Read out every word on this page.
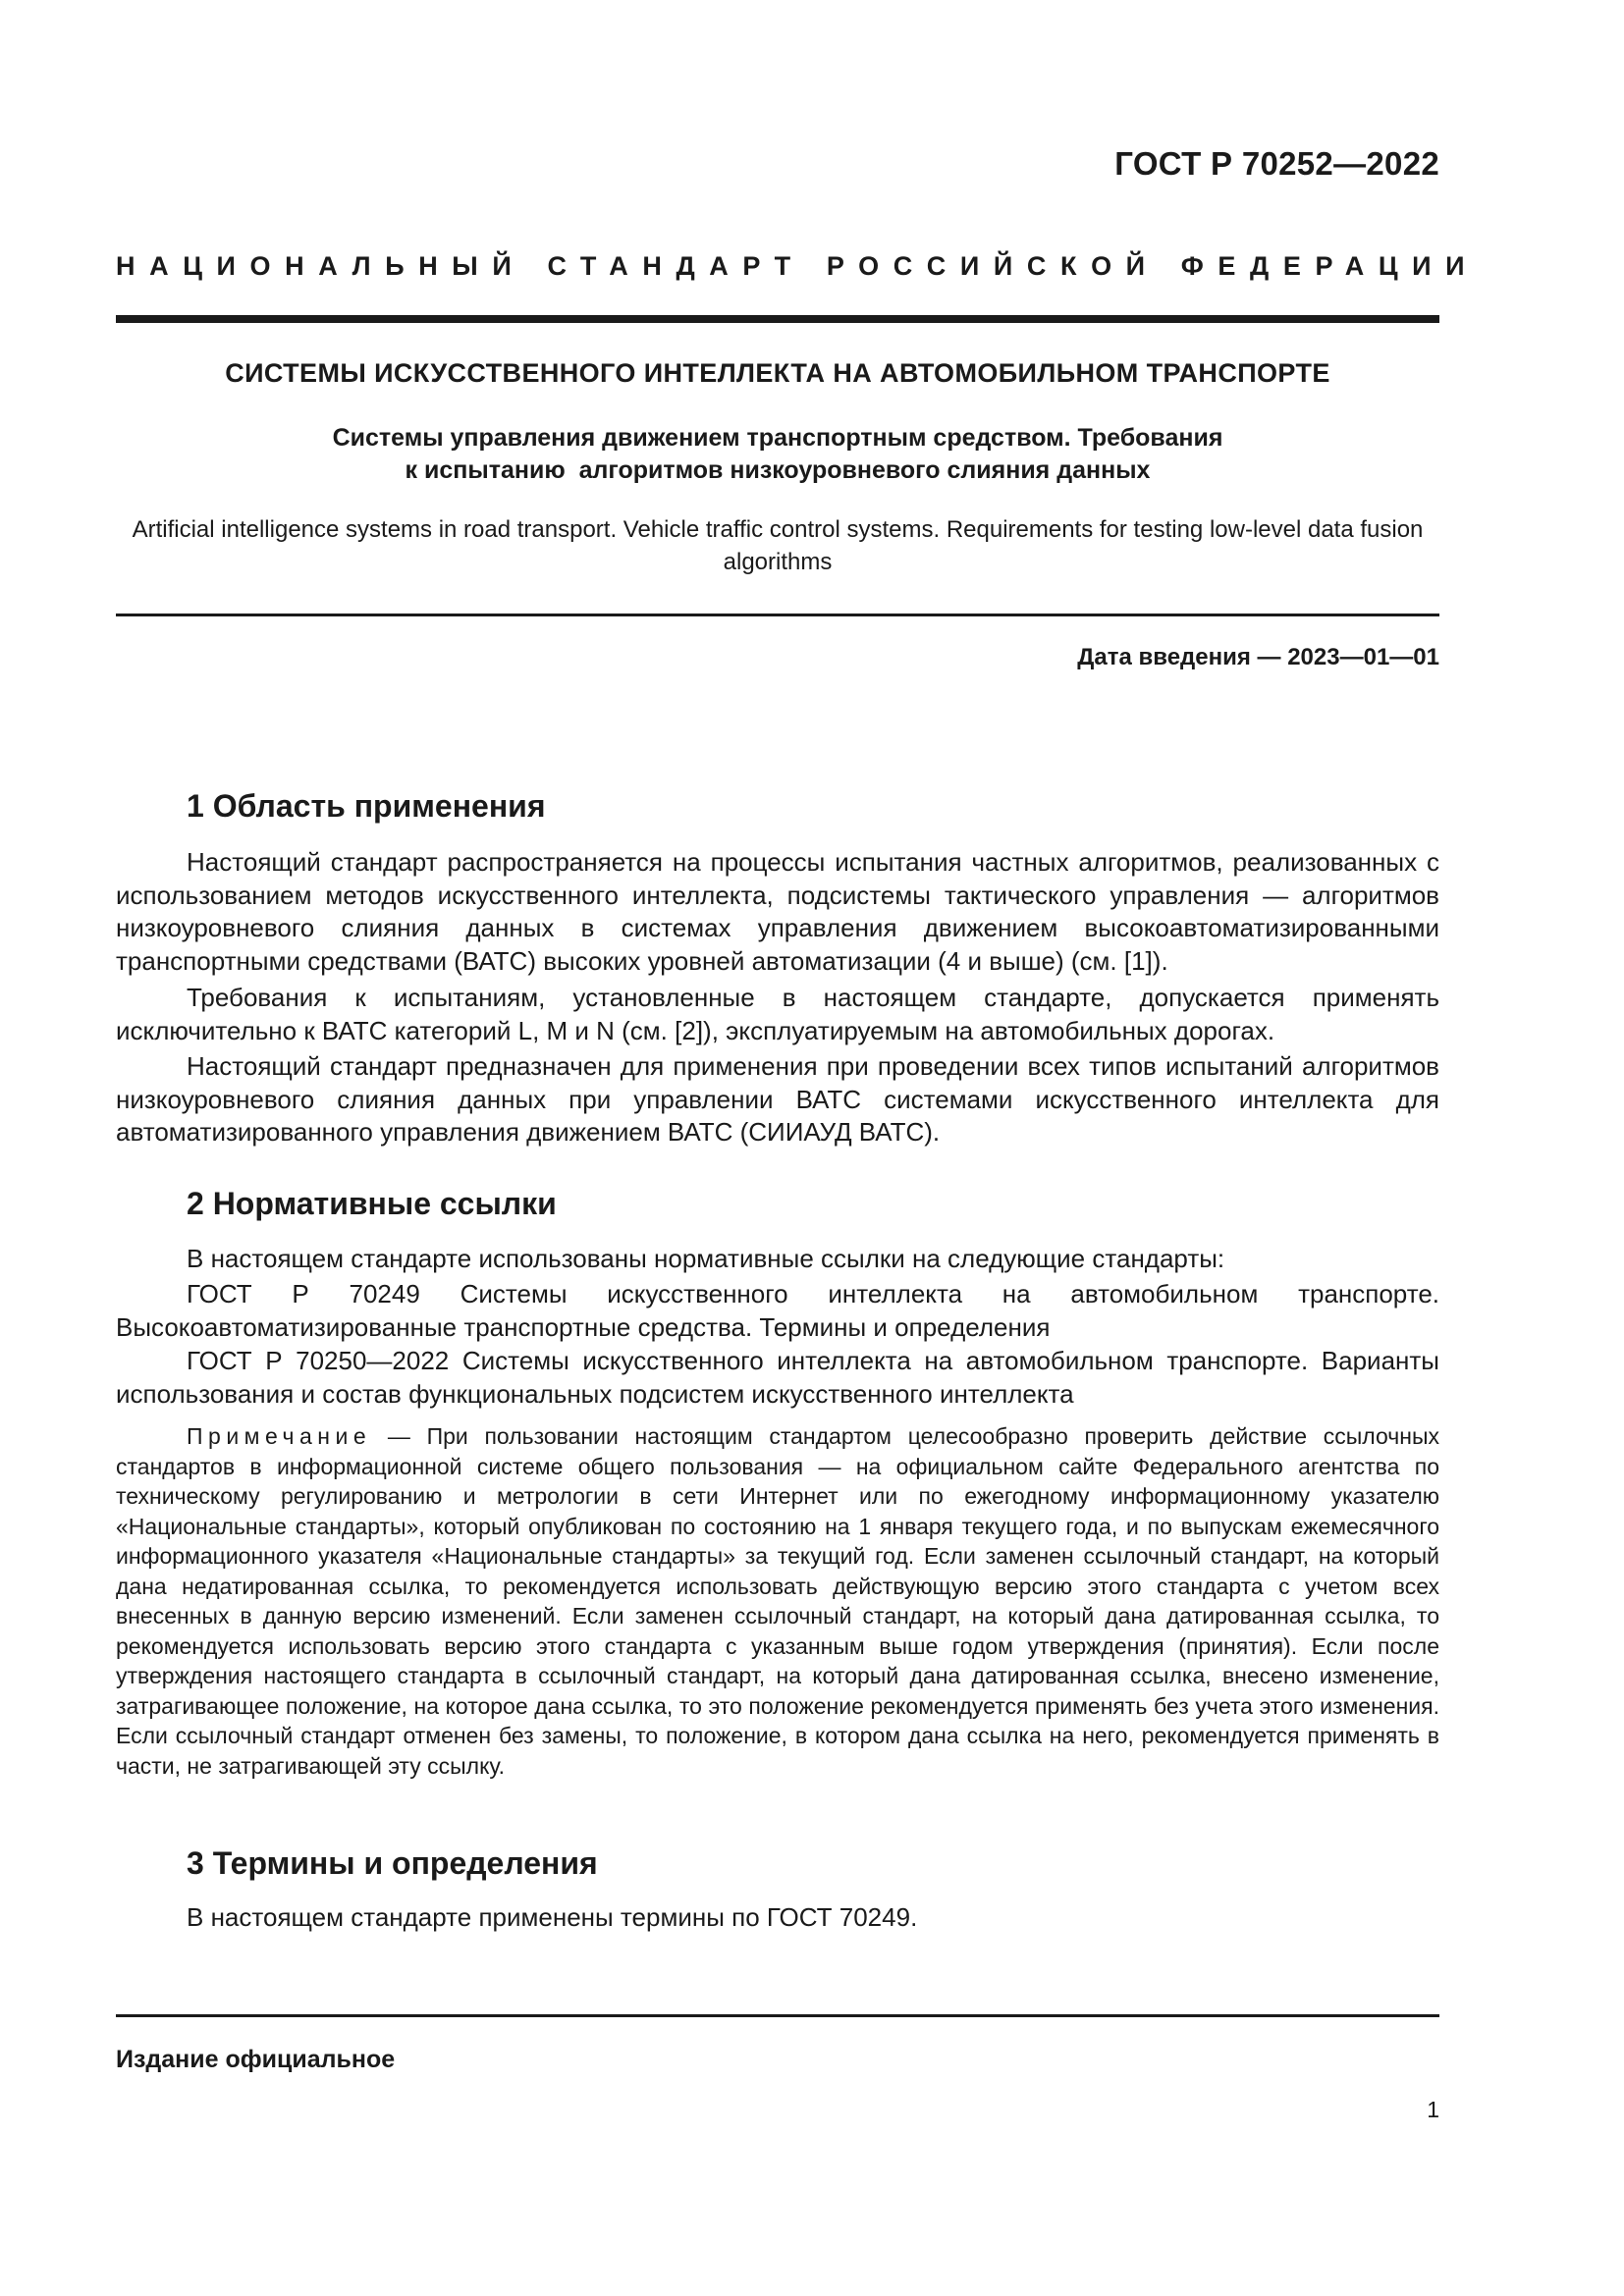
ГОСТ Р 70252—2022
НАЦИОНАЛЬНЫЙ СТАНДАРТ РОССИЙСКОЙ ФЕДЕРАЦИИ
СИСТЕМЫ ИСКУССТВЕННОГО ИНТЕЛЛЕКТА НА АВТОМОБИЛЬНОМ ТРАНСПОРТЕ
Системы управления движением транспортным средством. Требования
к испытанию  алгоритмов низкоуровневого слияния данных
Artificial intelligence systems in road transport. Vehicle traffic control systems. Requirements for testing low-level data fusion algorithms
Дата введения — 2023—01—01
1 Область применения

Настоящий стандарт распространяется на процессы испытания частных алгоритмов, реализованных с использованием методов искусственного интеллекта, подсистемы тактического управления — алгоритмов низкоуровневого слияния данных в системах управления движением высокоавтоматизированными транспортными средствами (ВАТС) высоких уровней автоматизации (4 и выше) (см. [1]).

Требования к испытаниям, установленные в настоящем стандарте, допускается применять исключительно к ВАТС категорий L, M и N (см. [2]), эксплуатируемым на автомобильных дорогах.

Настоящий стандарт предназначен для применения при проведении всех типов испытаний алгоритмов низкоуровневого слияния данных при управлении ВАТС системами искусственного интеллекта для автоматизированного управления движением ВАТС (СИИАУД ВАТС).

2 Нормативные ссылки

В настоящем стандарте использованы нормативные ссылки на следующие стандарты:

ГОСТ Р 70249 Системы искусственного интеллекта на автомобильном транспорте. Высокоавтоматизированные транспортные средства. Термины и определения

ГОСТ Р 70250—2022 Системы искусственного интеллекта на автомобильном транспорте. Варианты использования и состав функциональных подсистем искусственного интеллекта

Примечание — При пользовании настоящим стандартом целесообразно проверить действие ссылочных стандартов в информационной системе общего пользования — на официальном сайте Федерального агентства по техническому регулированию и метрологии в сети Интернет или по ежегодному информационному указателю «Национальные стандарты», который опубликован по состоянию на 1 января текущего года, и по выпускам ежемесячного информационного указателя «Национальные стандарты» за текущий год. Если заменен ссылочный стандарт, на который дана недатированная ссылка, то рекомендуется использовать действующую версию этого стандарта с учетом всех внесенных в данную версию изменений. Если заменен ссылочный стандарт, на который дана датированная ссылка, то рекомендуется использовать версию этого стандарта с указанным выше годом утверждения (принятия). Если после утверждения настоящего стандарта в ссылочный стандарт, на который дана датированная ссылка, внесено изменение, затрагивающее положение, на которое дана ссылка, то это положение рекомендуется применять без учета этого изменения. Если ссылочный стандарт отменен без замены, то положение, в котором дана ссылка на него, рекомендуется применять в части, не затрагивающей эту ссылку.

3 Термины и определения

В настоящем стандарте применены термины по ГОСТ 70249.

Издание официальное
1
